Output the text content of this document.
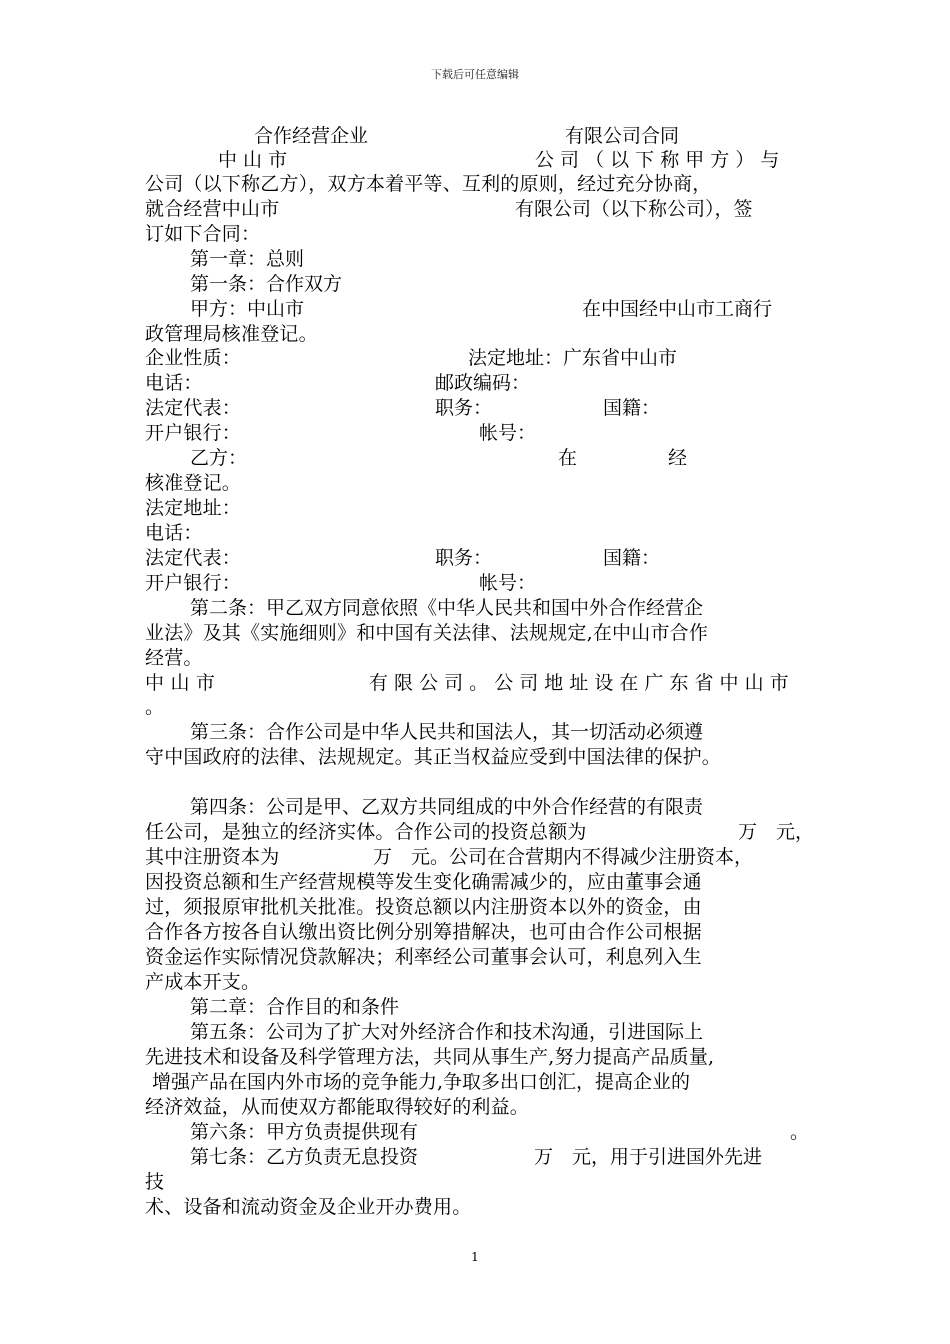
下载后可任意编辑
合作经营企业	有限公司合同
中 山 市	公 司 （ 以 下 称 甲 方 ） 与
公司（以下称乙方），双方本着平等、互利的原则，经过充分协商，
就合经营中山市	有限公司（以下称公司），签
订如下合同：
第一章：总则
第一条：合作双方
甲方：中山市	在中国经中山市工商行
政管理局核准登记。
企业性质：	法定地址：广东省中山市
电话：	邮政编码：
法定代表：	职务：	国籍：
开户银行：	帐号：
乙方：	在	经
核准登记。
法定地址：
电话：
法定代表：	职务：	国籍：
开户银行：	帐号：
第二条：甲乙双方同意依照《中华人民共和国中外合作经营企
业法》及其《实施细则》和中国有关法律、法规规定,在中山市合作
经营。
中 山 市	有 限 公 司 。 公 司 地 址 设 在 广 东 省 中 山 市
。
第三条：合作公司是中华人民共和国法人，其一切活动必须遵
守中国政府的法律、法规规定。其正当权益应受到中国法律的保护。
第四条：公司是甲、乙双方共同组成的中外合作经营的有限责
任公司，是独立的经济实体。合作公司的投资总额为	万　元，
其中注册资本为	万　元。公司在合营期内不得减少注册资本，
因投资总额和生产经营规模等发生变化确需减少的，应由董事会通
过，须报原审批机关批准。投资总额以内注册资本以外的资金，由
合作各方按各自认缴出资比例分别筹措解决，也可由合作公司根据
资金运作实际情况贷款解决；利率经公司董事会认可，利息列入生
产成本开支。
第二章：合作目的和条件
第五条：公司为了扩大对外经济合作和技术沟通，引进国际上
先进技术和设备及科学管理方法，共同从事生产,努力提高产品质量,
增强产品在国内外市场的竞争能力,争取多出口创汇，提高企业的
经济效益，从而使双方都能取得较好的利益。
第六条：甲方负责提供现有	。
第七条：乙方负责无息投资	万　元，用于引进国外先进
技
术、设备和流动资金及企业开办费用。
1
